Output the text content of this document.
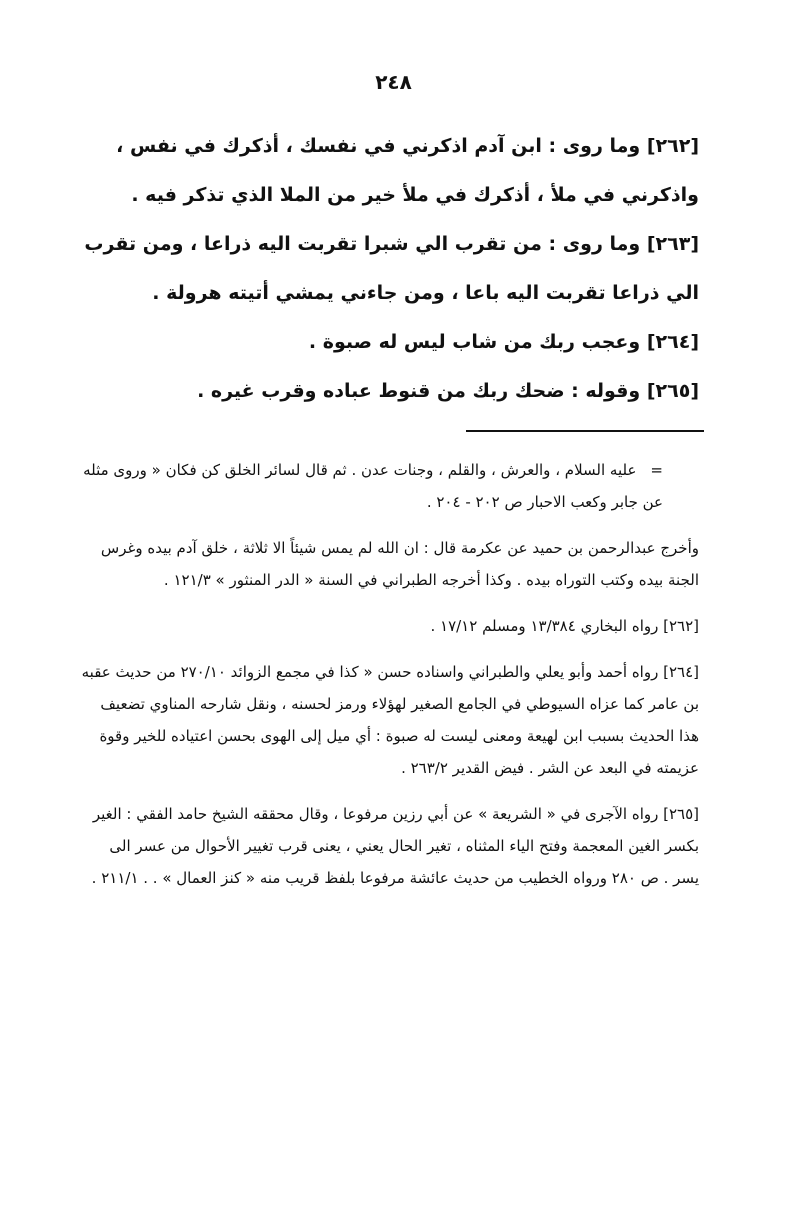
٢٤٨

[٢٦٢] وما روى : ابن آدم اذكرني في نفسك ، أذكرك في نفس ، واذكرني في ملأ ، أذكرك في ملأ خير من الملا الذي تذكر فيه .

[٢٦٣] وما روى : من تقرب الي شبرا تقربت اليه ذراعا ، ومن تقرب الي ذراعا تقربت اليه باعا ، ومن جاءني يمشي أتيته هرولة .

[٢٦٤] وعجب ربك من شاب ليس له صبوة .

[٢٦٥] وقوله : ضحك ربك من قنوط عباده وقرب غيره .

=عليه السلام ، والعرش ، والقلم ، وجنات عدن . ثم قال لسائر الخلق كن فكان « وروى مثله عن جابر وكعب الاحبار ص ٢٠٢ - ٢٠٤ .

وأخرج عبدالرحمن بن حميد عن عكرمة قال : ان الله لم يمس شيئاً الا ثلاثة ، خلق آدم بيده وغرس الجنة بيده وكتب التوراه بيده . وكذا أخرجه الطبراني في السنة « الدر المنثور » ١٢١/٣ .

[٢٦٢] رواه البخاري ١٣/٣٨٤ ومسلم ١٧/١٢ .

[٢٦٤] رواه أحمد وأبو يعلي والطبراني واسناده حسن « كذا في مجمع الزوائد ٢٧٠/١٠ من حديث عقبه بن عامر كما عزاه السيوطي في الجامع الصغير لهؤلاء ورمز لحسنه ، ونقل شارحه المناوي تضعيف هذا الحديث بسبب ابن لهيعة ومعنى ليست له صبوة : أي ميل إلى الهوى بحسن اعتياده للخير وقوة عزيمته في البعد عن الشر . فيض القدير ٢٦٣/٢ .

[٢٦٥] رواه الآجرى في « الشريعة » عن أبي رزين مرفوعا ، وقال محققه الشيخ حامد الفقي : الغير بكسر الغين المعجمة وفتح الياء المثناه ، تغير الحال يعني ، يعنى قرب تغيير الأحوال من عسر الى يسر . ص ٢٨٠ ورواه الخطيب من حديث عائشة مرفوعا بلفظ قريب منه « كنز العمال » . . ٢١١/١ .
